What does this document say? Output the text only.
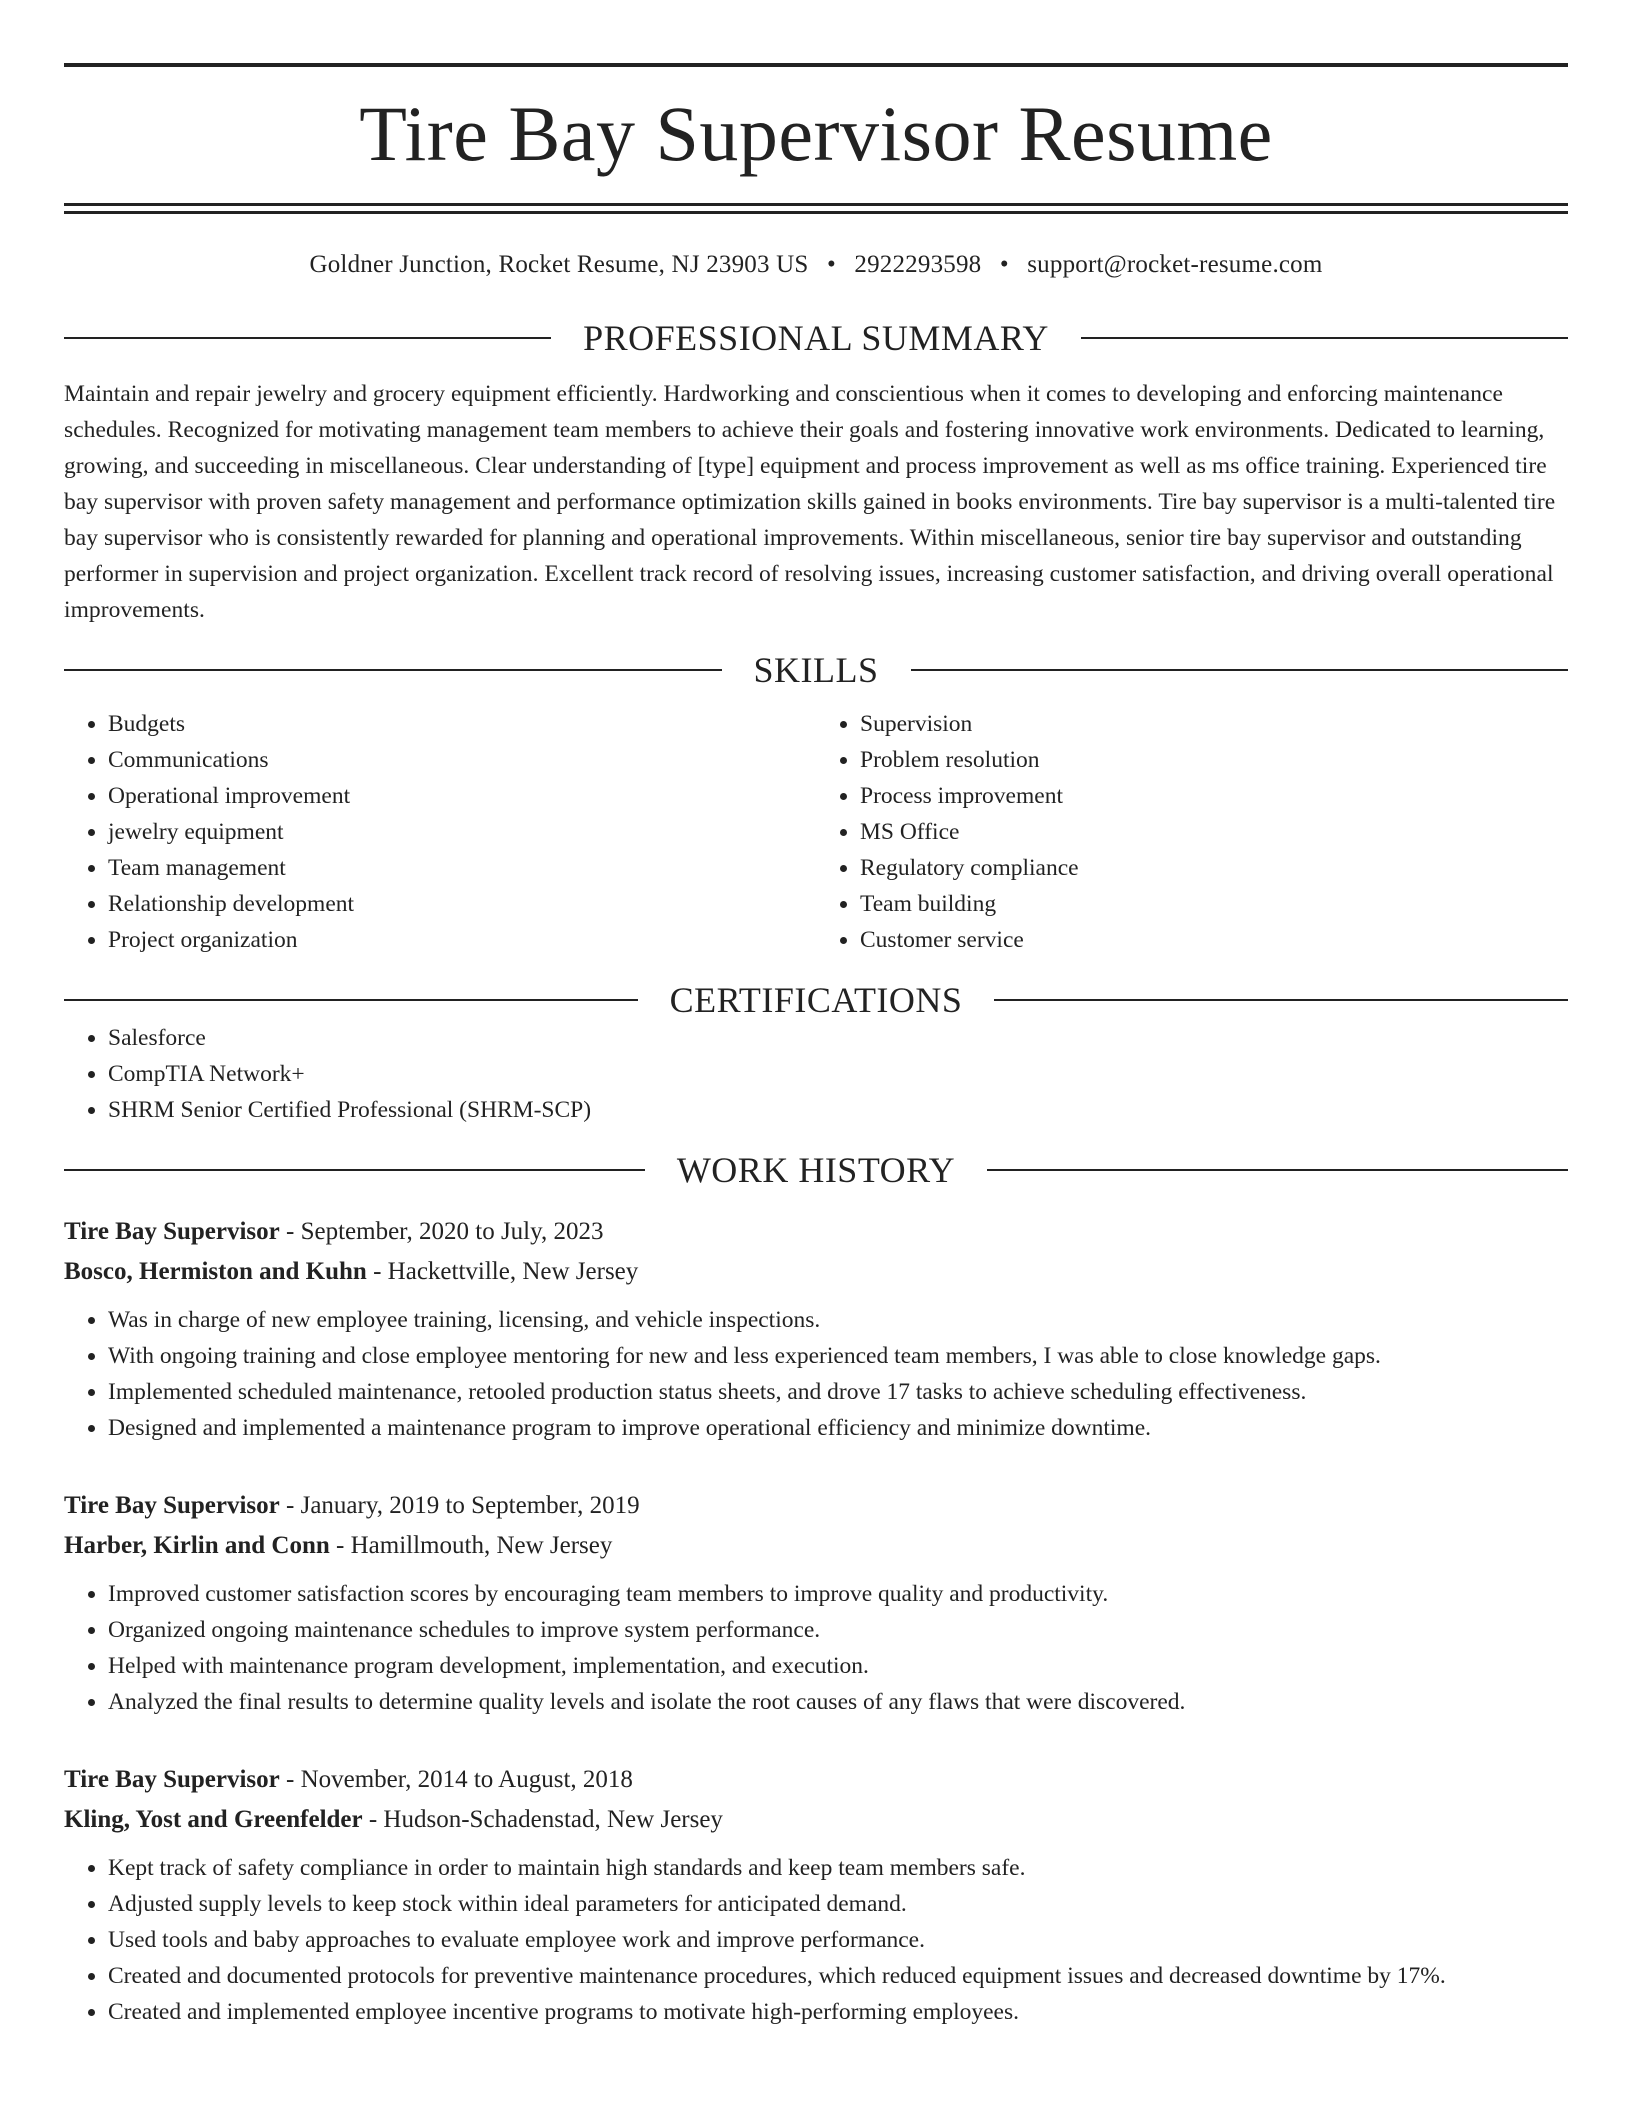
Tire Bay Supervisor Resume
Goldner Junction, Rocket Resume, NJ 23903 US • 2922293598 • support@rocket-resume.com
PROFESSIONAL SUMMARY
Maintain and repair jewelry and grocery equipment efficiently. Hardworking and conscientious when it comes to developing and enforcing maintenance schedules. Recognized for motivating management team members to achieve their goals and fostering innovative work environments. Dedicated to learning, growing, and succeeding in miscellaneous. Clear understanding of [type] equipment and process improvement as well as ms office training. Experienced tire bay supervisor with proven safety management and performance optimization skills gained in books environments. Tire bay supervisor is a multi-talented tire bay supervisor who is consistently rewarded for planning and operational improvements. Within miscellaneous, senior tire bay supervisor and outstanding performer in supervision and project organization. Excellent track record of resolving issues, increasing customer satisfaction, and driving overall operational improvements.
SKILLS
• Budgets
• Communications
• Operational improvement
• jewelry equipment
• Team management
• Relationship development
• Project organization
• Supervision
• Problem resolution
• Process improvement
• MS Office
• Regulatory compliance
• Team building
• Customer service
CERTIFICATIONS
• Salesforce
• CompTIA Network+
• SHRM Senior Certified Professional (SHRM-SCP)
WORK HISTORY
Tire Bay Supervisor - September, 2020 to July, 2023
Bosco, Hermiston and Kuhn - Hackettville, New Jersey
• Was in charge of new employee training, licensing, and vehicle inspections.
• With ongoing training and close employee mentoring for new and less experienced team members, I was able to close knowledge gaps.
• Implemented scheduled maintenance, retooled production status sheets, and drove 17 tasks to achieve scheduling effectiveness.
• Designed and implemented a maintenance program to improve operational efficiency and minimize downtime.
Tire Bay Supervisor - January, 2019 to September, 2019
Harber, Kirlin and Conn - Hamillmouth, New Jersey
• Improved customer satisfaction scores by encouraging team members to improve quality and productivity.
• Organized ongoing maintenance schedules to improve system performance.
• Helped with maintenance program development, implementation, and execution.
• Analyzed the final results to determine quality levels and isolate the root causes of any flaws that were discovered.
Tire Bay Supervisor - November, 2014 to August, 2018
Kling, Yost and Greenfelder - Hudson-Schadenstad, New Jersey
• Kept track of safety compliance in order to maintain high standards and keep team members safe.
• Adjusted supply levels to keep stock within ideal parameters for anticipated demand.
• Used tools and baby approaches to evaluate employee work and improve performance.
• Created and documented protocols for preventive maintenance procedures, which reduced equipment issues and decreased downtime by 17%.
• Created and implemented employee incentive programs to motivate high-performing employees.
